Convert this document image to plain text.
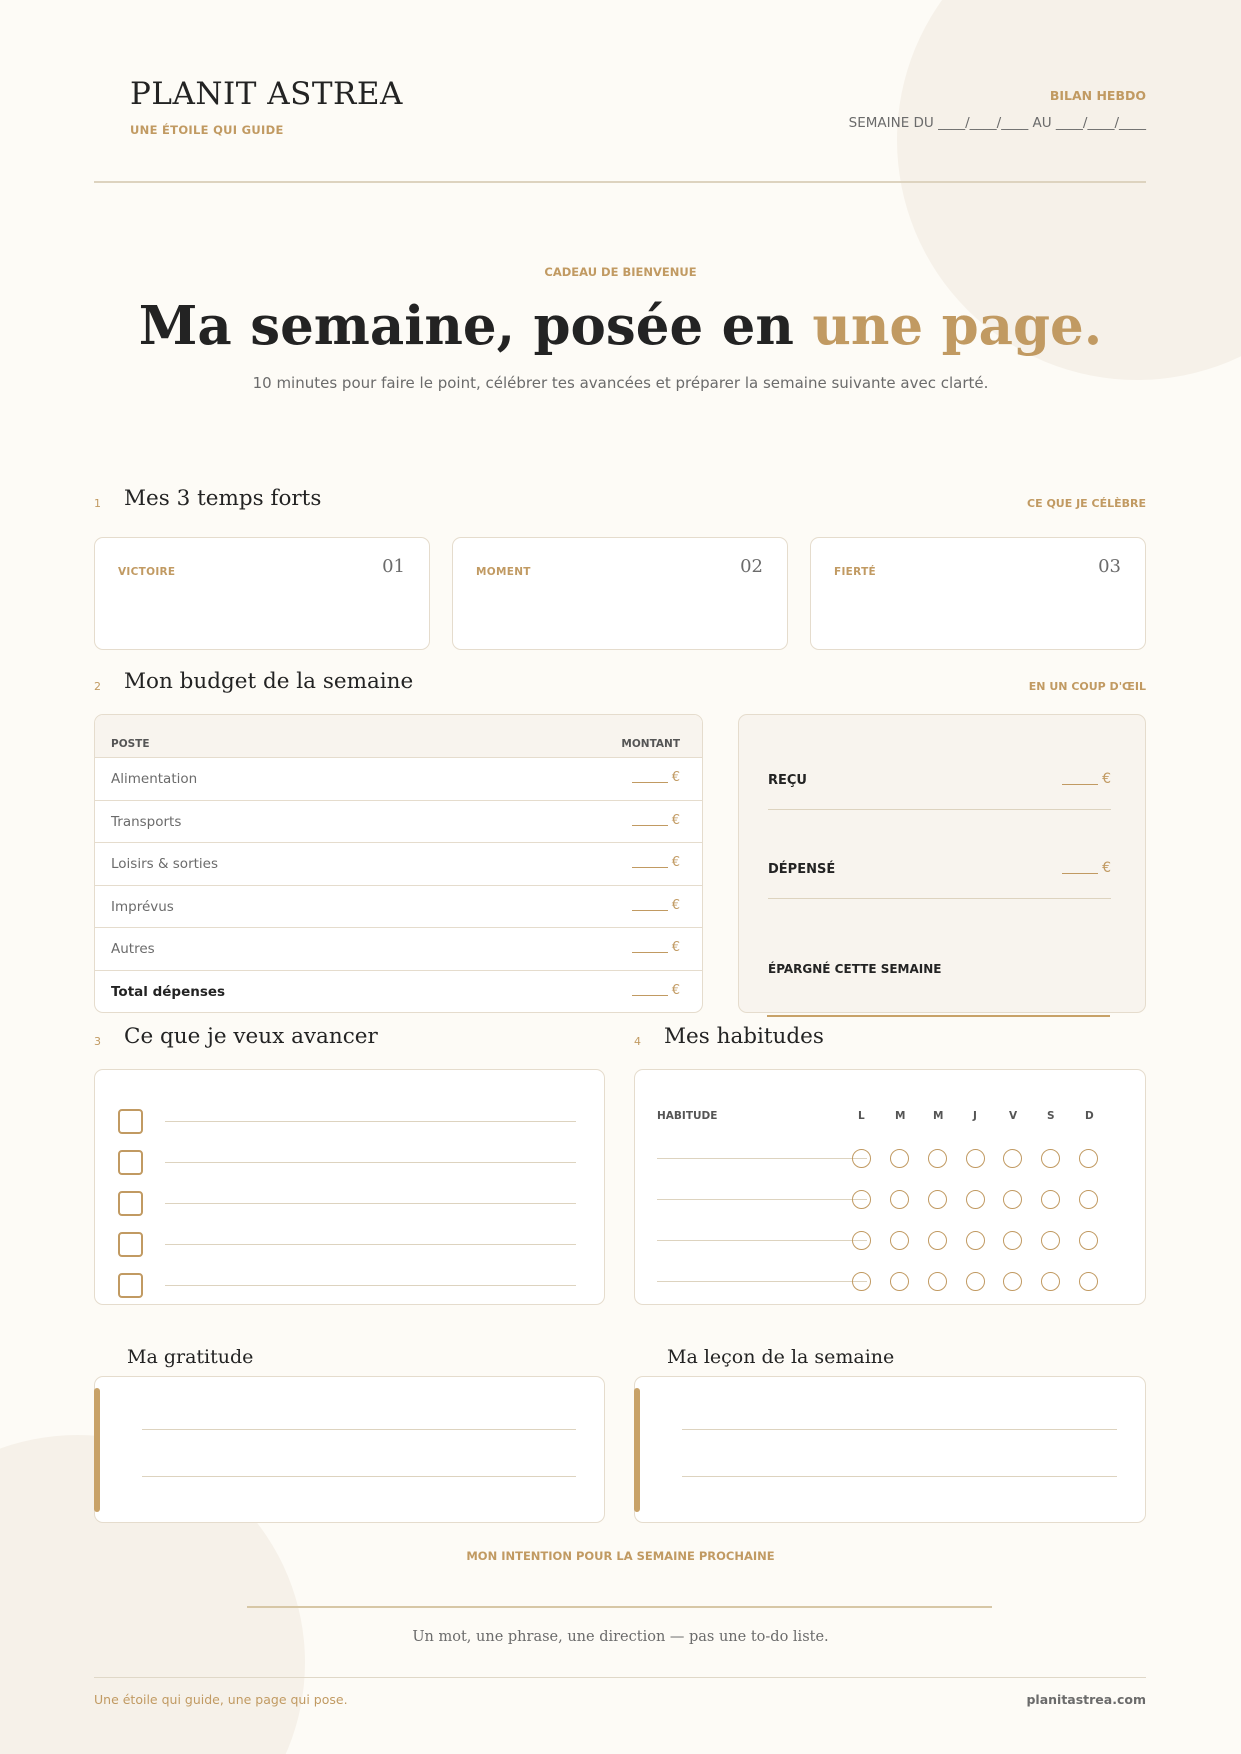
PLANIT ASTREA
UNE ÉTOILE QUI GUIDE
BILAN HEBDO
SEMAINE DU ____/____/____ AU ____/____/____
CADEAU DE BIENVENUE
Ma semaine, posée en une page.
10 minutes pour faire le point, célébrer tes avancées et préparer la semaine suivante avec clarté.
1 Mes 3 temps forts	CE QUE JE CÉLÈBRE
VICTOIRE	01	MOMENT	02	FIERTÉ	03
2 Mon budget de la semaine	EN UN COUP D'ŒIL
POSTE	MONTANT
Alimentation	€
Transports	€
Loisirs & sorties	€
Imprévus	€
Autres	€
Total dépenses	€
REÇU	€
DÉPENSÉ	€
ÉPARGNÉ CETTE SEMAINE
3 Ce que je veux avancer	4 Mes habitudes
HABITUDE	L	M	M	J	V	S	D
Ma gratitude	Ma leçon de la semaine
MON INTENTION POUR LA SEMAINE PROCHAINE
Un mot, une phrase, une direction — pas une to-do liste.
Une étoile qui guide, une page qui pose.	planitastrea.com
